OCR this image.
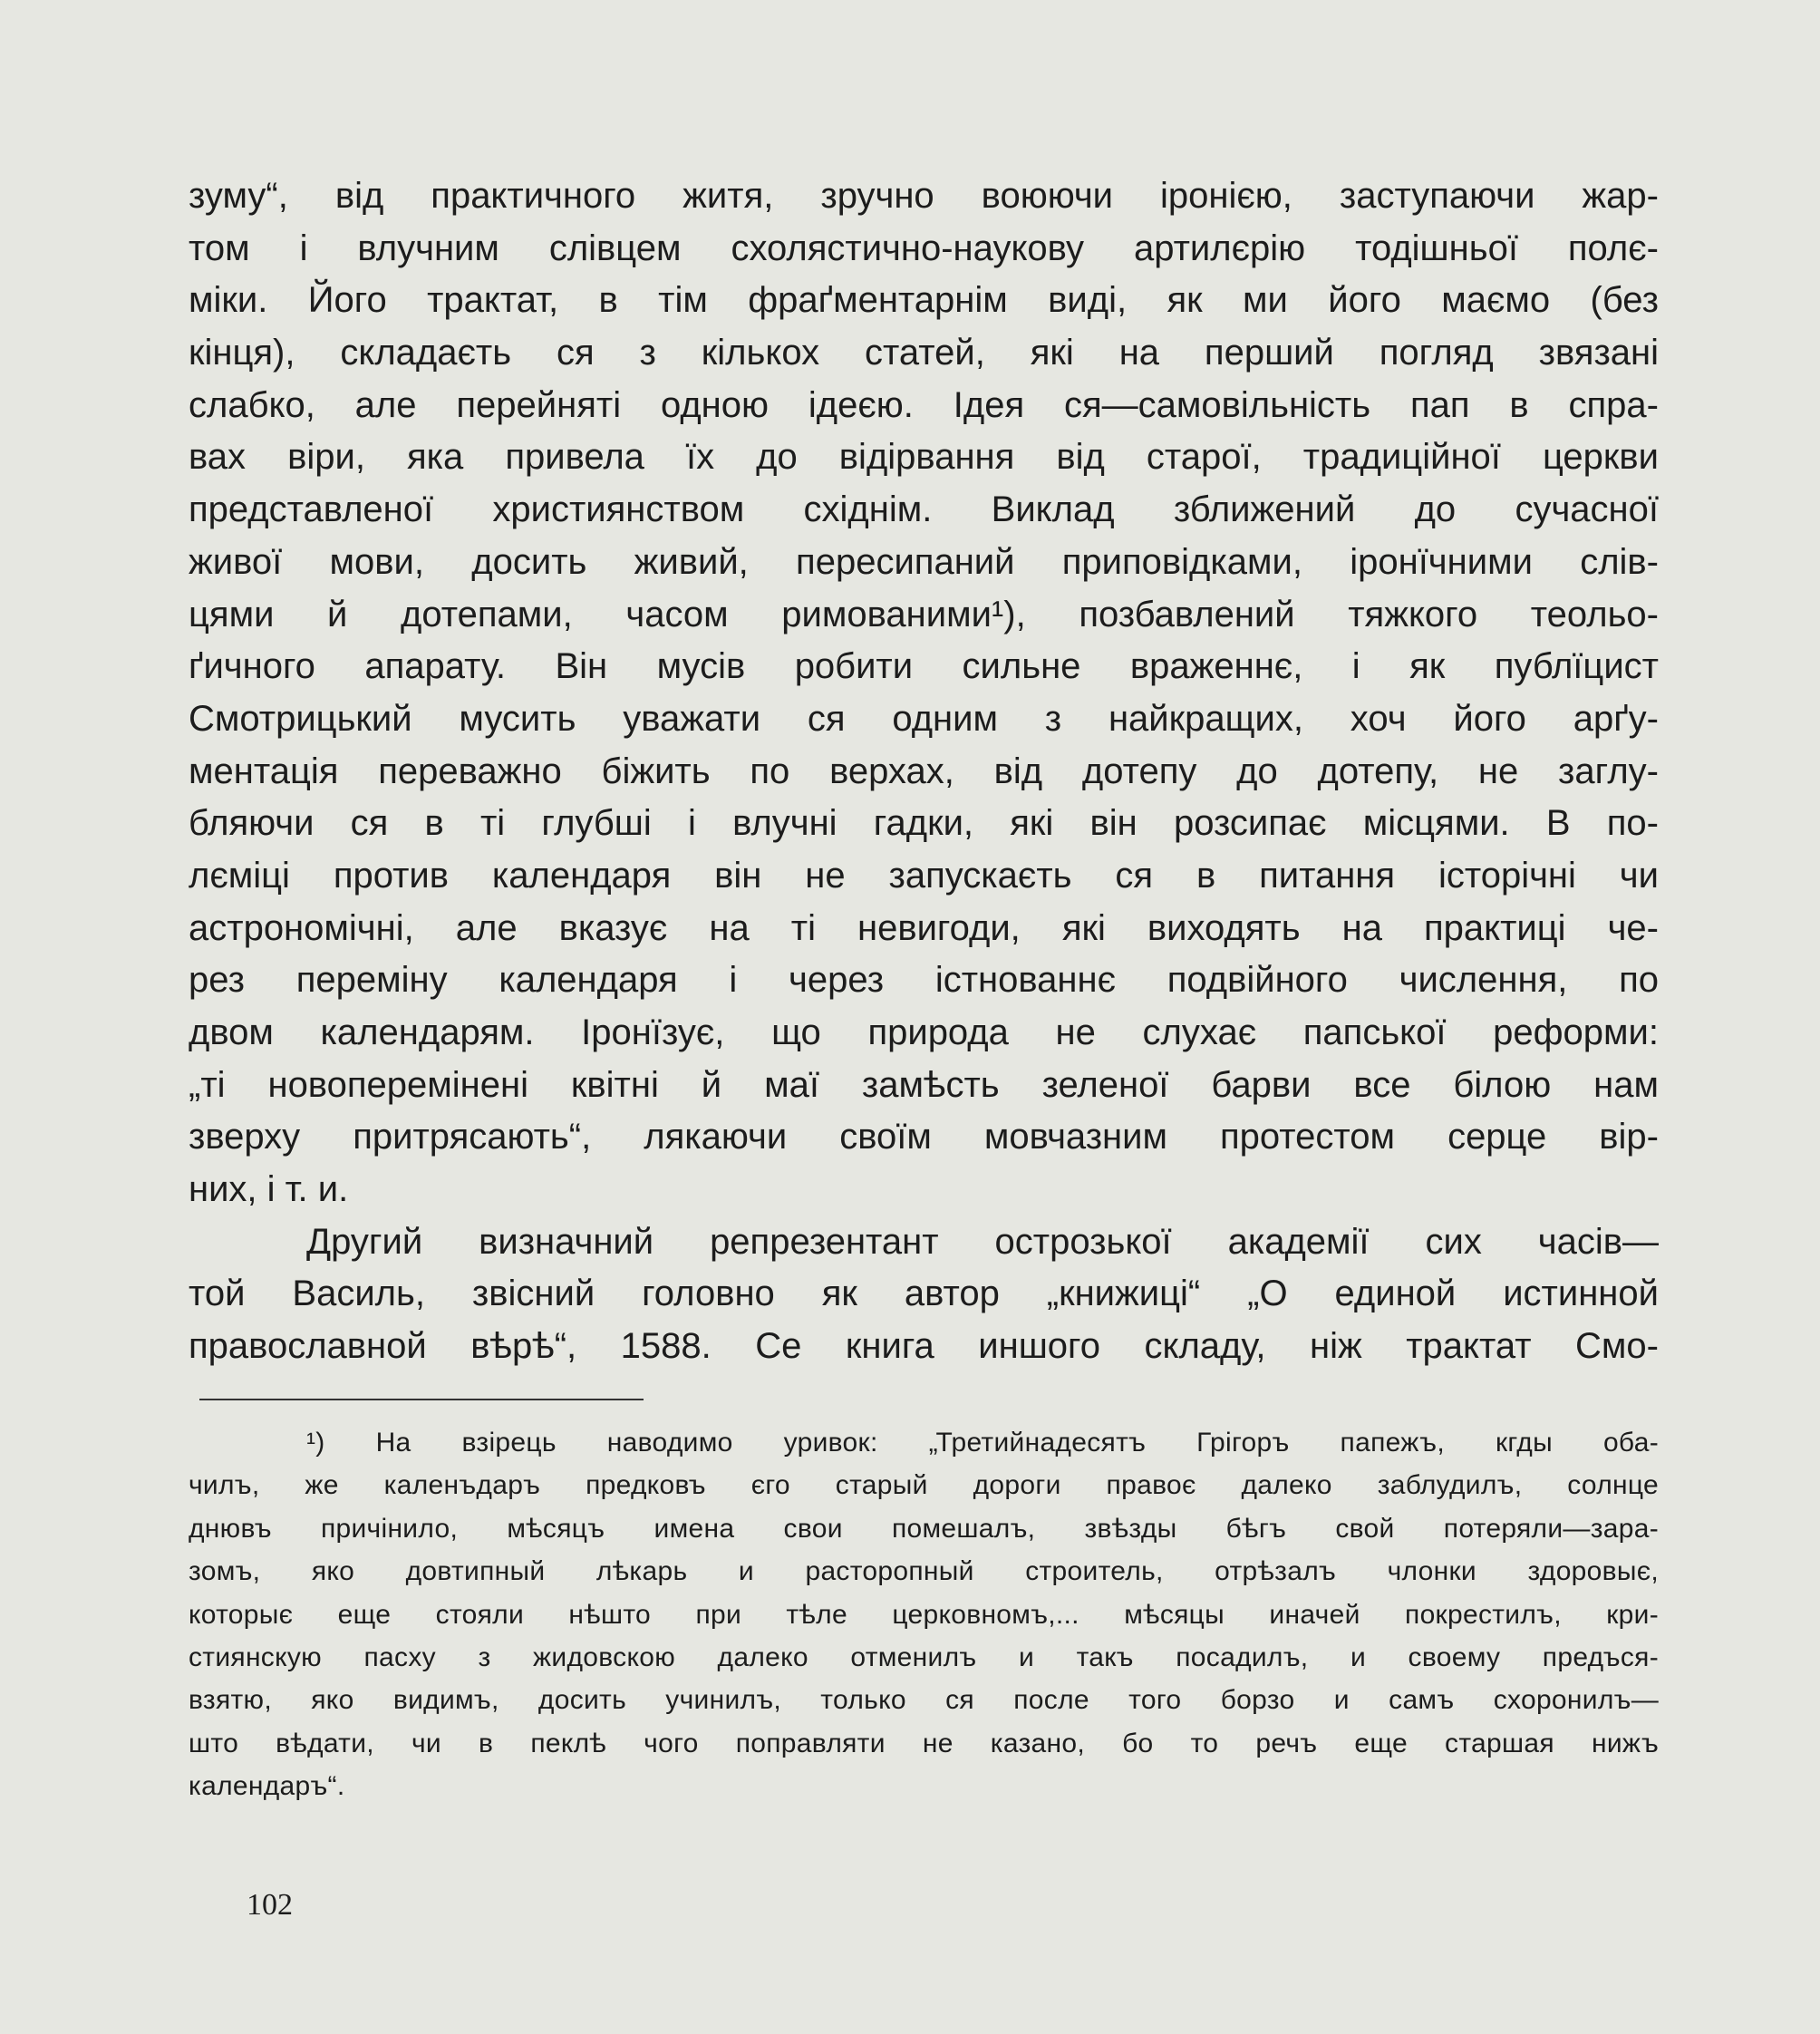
зуму“, від практичного житя, зручно воюючи іронією, заступаючи жар-
том і влучним слівцем схолястично-наукову артилєрію тодішньої полє-
міки. Його трактат, в тім фраґментарнім виді, як ми його маємо (без
кінця), складаєть ся з кількох статей, які на перший погляд звязані
слабко, але перейняті одною ідеєю. Ідея ся—самовільність пап в спра-
вах віри, яка привела їх до відірвання від старої, традиційної церкви
представленої християнством східнім. Виклад зближений до сучасної
живої мови, досить живий, пересипаний приповідками, іронїчними слів-
цями й дотепами, часом римованими¹), позбавлений тяжкого теольо-
ґичного апарату. Він мусів робити сильне враженнє, і як публїцист
Смотрицький мусить уважати ся одним з найкращих, хоч його арґу-
ментація переважно біжить по верхах, від дотепу до дотепу, не заглу-
бляючи ся в ті глубші і влучні гадки, які він розсипає місцями. В по-
лєміці против календаря він не запускаєть ся в питання історічні чи
астрономічні, але вказує на ті невигоди, які виходять на практиці че-
рез переміну календаря і через істнованнє подвійного числення, по
двом календарям. Іронїзує, що природа не слухає папської реформи:
„ті новоперемінені квітні й маї замѣсть зеленої барви все білою нам
зверху притрясають“, лякаючи своїм мовчазним протестом серце вір-
них, і т. и.
Другий визначний репрезентант острозької академії сих часів—
той Василь, звісний головно як автор „книжиці“ „О единой истинной
православной вѣрѣ“, 1588. Се книга иншого складу, ніж трактат Смо-
¹) На взірець наводимо уривок: „Третийнадесятъ Грігоръ папежъ, кгды оба-
чилъ, же каленъдаръ предковъ єго старый дороги правоє далеко заблудилъ, солнце
днювъ причінило, мѣсяцъ имена свои помешалъ, звѣзды бѣгъ свой потеряли—зара-
зомъ, яко довтипный лѣкарь и расторопный строитель, отрѣзалъ члонки здоровыє,
которыє еще стояли нѣшто при тѣле церковномъ,... мѣсяцы иначей покрестилъ, кри-
стиянскую пасху з жидовскою далеко отменилъ и такъ посадилъ, и своему предъся-
взятю, яко видимъ, досить учинилъ, только ся после того борзо и самъ схоронилъ—
што вѣдати, чи в пеклѣ чого поправляти не казано, бо то речъ еще старшая нижъ
календаръ“.
102
